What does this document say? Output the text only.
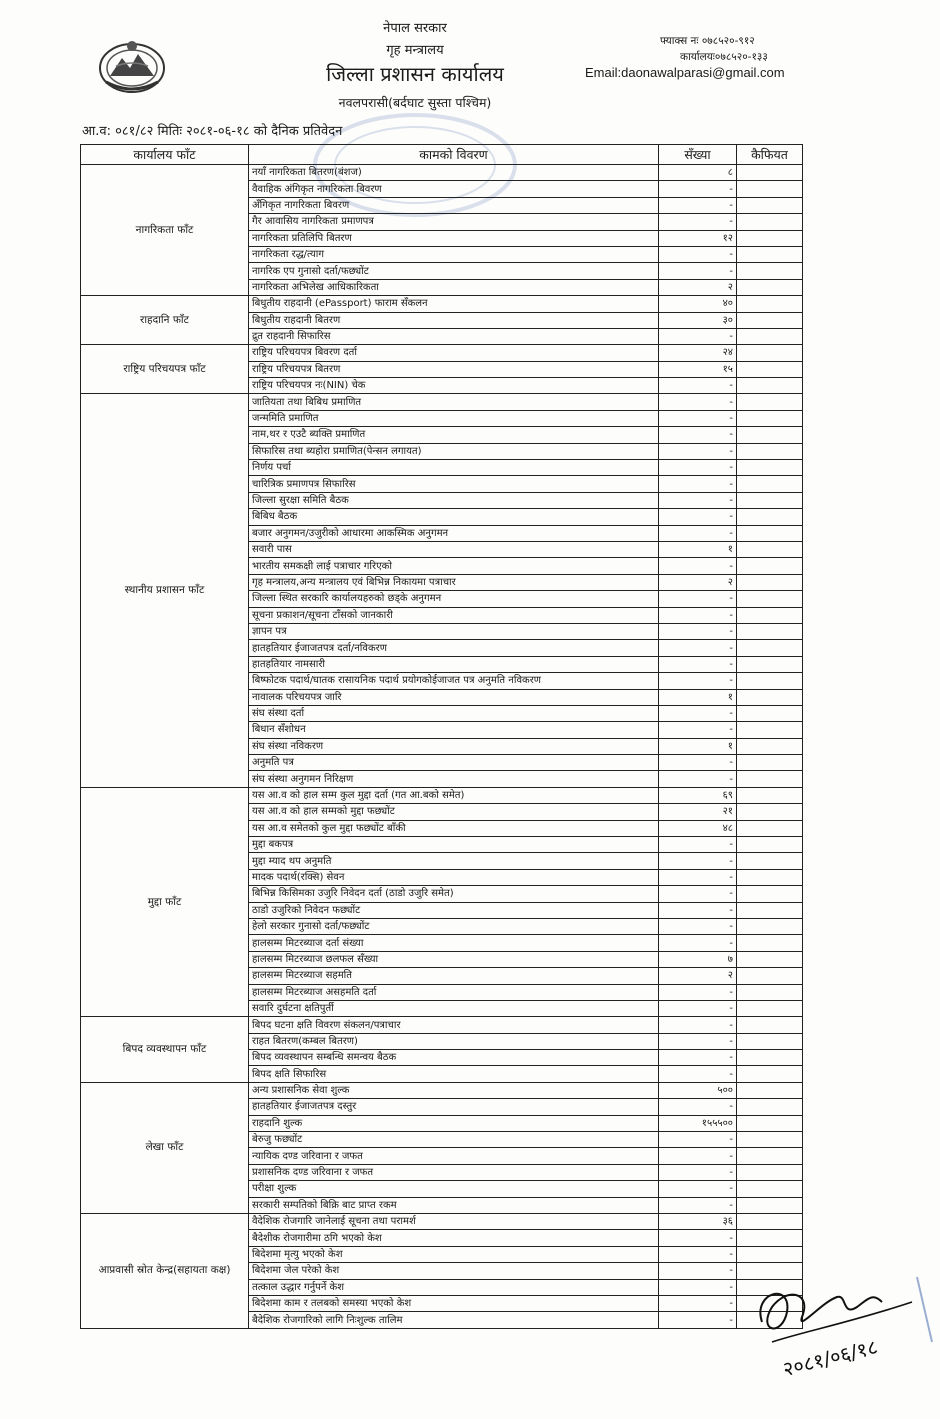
नेपाल सरकार
गृह मन्त्रालय
जिल्ला प्रशासन कार्यालय
नवलपरासी(बर्दघाट सुस्ता पश्चिम)
फ्याक्स नः ०७८५२०-९१२
कार्यालयः०७८५२०-१३३
Email:daonawalparasi@gmail.com
आ.व: ०८१/८२ मितिः २०८१-०६-१८ को दैनिक प्रतिवेदन
कार्यालय फाँट	कामको विवरण	सँख्या	कैफियत
नागरिकता फाँट	नयाँ नागरिकता बितरण(बंशज)	८	
	वैवाहिक अंगिकृत नागरिकता बिवरण	-	
	अँगिकृत नागरिकता बिवरण	-	
	गैर आवासिय नागरिकता प्रमाणपत्र	-	
	नागरिकता प्रतिलिपि बितरण	१२	
	नागरिकता रद्ध/त्याग	-	
	नागरिक एप गुनासो दर्ता/फछ्योंट	-	
	नागरिकता अभिलेख आधिकारिकता	२	
राहदानि फाँट	बिधुतीय राहदानी (ePassport) फाराम सँकलन	४०	
	बिधुतीय राहदानी बितरण	३०	
	द्रुत राहदानी सिफारिस	-	
राष्ट्रिय परिचयपत्र फाँट	राष्ट्रिय परिचयपत्र बिवरण दर्ता	२४	
	राष्ट्रिय परिचयपत्र बितरण	१५	
	राष्ट्रिय परिचयपत्र नः(NIN) चेक	-	
स्थानीय प्रशासन फाँट	जातियता तथा बिबिध प्रमाणित	-	
	जन्ममिति प्रमाणित	-	
	नाम,थर र एउटै ब्यक्ति प्रमाणित	-	
	सिफारिस तथा ब्यहोरा प्रमाणित(पेन्सन लगायत)	-	
	निर्णय पर्चा	-	
	चारित्रिक प्रमाणपत्र सिफारिस	-	
	जिल्ला सुरक्षा समिति बैठक	-	
	बिबिध बैठक	-	
	बजार अनुगमन/उजुरीको आधारमा आकस्मिक अनुगमन	-	
	सवारी पास	१	
	भारतीय समकक्षी लाई पत्राचार गरिएको	-	
	गृह मन्त्रालय,अन्य मन्त्रालय एवं बिभिन्न निकायमा पत्राचार	२	
	जिल्ला स्थित सरकारि कार्यालयहरुको छड्के अनुगमन	-	
	सूचना प्रकाशन/सूचना टाँसको जानकारी	-	
	ज्ञापन पत्र	-	
	हातहतियार ईजाजतपत्र दर्ता/नविकरण	-	
	हातहतियार नामसारी	-	
	बिष्फोटक पदार्थ/घातक रासायनिक पदार्थ प्रयोगकोईजाजत पत्र अनुमति नविकरण	-	
	नावालक परिचयपत्र जारि	१	
	संघ संस्था दर्ता	-	
	बिधान सँशोधन	-	
	संघ संस्था नविकरण	१	
	अनुमति पत्र	-	
	संघ संस्था अनुगमन निरिक्षण	-	
मुद्दा फाँट	यस आ.व को हाल सम्म कुल मुद्दा दर्ता (गत आ.बको समेत)	६९	
	यस आ.व को हाल सम्मको मुद्दा फछ्योंट	२१	
	यस आ.व समेतको कुल मुद्दा फछ्योंट बाँकी	४८	
	मुद्दा बकपत्र	-	
	मुद्दा म्याद थप अनुमति	-	
	मादक पदार्थ(रक्सि) सेवन	-	
	बिभिन्न किसिमका उजुरि निवेदन दर्ता (ठाडो उजुरि समेत)	-	
	ठाडो उजुरिको निवेदन फछ्योंट	-	
	हेलो सरकार गुनासो दर्ता/फछ्योंट	-	
	हालसम्म मिटरब्याज दर्ता संख्या	-	
	हालसम्म मिटरब्याज छलफल सँख्या	७	
	हालसम्म मिटरब्याज सहमति	२	
	हालसम्म मिटरब्याज असहमति दर्ता	-	
	सवारि दुर्घटना क्षतिपुर्ती	-	
बिपद व्यवस्थापन फाँट	बिपद घटना क्षति विवरण संकलन/पत्राचार	-	
	राहत बितरण(कम्बल बितरण)	-	
	बिपद व्यवस्थापन सम्बन्धि समन्वय बैठक	-	
	बिपद क्षति सिफारिस	-	
लेखा फाँट	अन्य प्रशासनिक सेवा शुल्क	५००	
	हातहतियार ईजाजतपत्र दस्तुर	-	
	राहदानि शुल्क	१५५५००	
	बेरुजु फछ्योंट	-	
	न्यायिक दण्ड जरिवाना र जफत	-	
	प्रशासनिक दण्ड जरिवाना र जफत	-	
	परीक्षा शुल्क	-	
	सरकारी सम्पतिको बिक्रि बाट प्राप्त रकम	-	
आप्रवासी स्रोत केन्द्र(सहायता कक्ष)	वैदेशिक रोजगारि जानेलाई सूचना तथा परामर्श	३६	
	बैदेशीक रोजगारीमा ठगि भएको केश	-	
	बिदेशमा मृत्यु भएको केश	-	
	बिदेशमा जेल परेको केश	-	
	तत्काल उद्धार गर्नुपर्ने केश	-	
	बिदेशमा काम र तलबको समस्या भएको केश	-	
	बैदेशिक रोजगारिको लागि निःशुल्क तालिम	-	
२०८१/०६/१८
